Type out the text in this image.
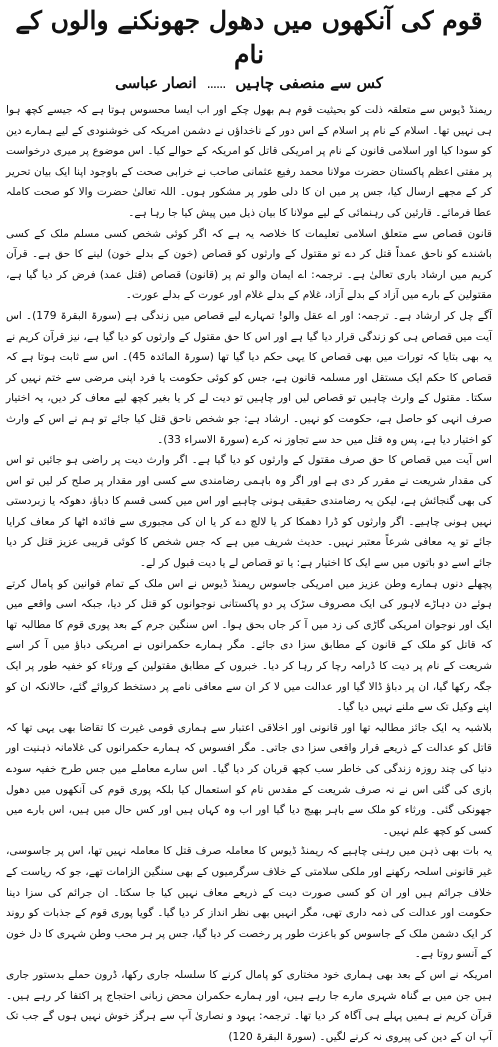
قوم کی آنکھوں میں دھول جھونکنے والوں کے نام
کس سے منصفی چاہیں
......
انصار عباسی

ریمنڈ ڈیوس سے متعلقہ ذلت کو بحیثیت قوم ہم بھول چکے اور اب ایسا محسوس ہوتا ہے کہ جیسے کچھ ہوا ہی نہیں تھا۔ اسلام کے نام پر اسلام کے اس دور کے ناخداؤں نے دشمن امریکہ کی خوشنودی کے لیے ہمارے دین کو سودا کیا اور اسلامی قانون کے نام پر امریکی قاتل کو امریکہ کے حوالے کیا۔ اس موضوع پر میری درخواست پر مفتی اعظم پاکستان حضرت مولانا محمد رفیع عثمانی صاحب نے خرابی صحت کے باوجود اپنا ایک بیان تحریر کر کے مجھے ارسال کیا، جس پر میں ان کا دلی طور پر مشکور ہوں۔ اللہ تعالیٰ حضرت والا کو صحت کاملہ عطا فرمائے۔ قارئین کی رہنمائی کے لیے مولانا کا بیان ذیل میں پیش کیا جا رہا ہے۔

قانون قصاص سے متعلق اسلامی تعلیمات کا خلاصہ یہ ہے کہ اگر کوئی شخص کسی مسلم ملک کے کسی باشندے کو ناحق عمداً قتل کر دے تو مقتول کے وارثوں کو قصاص (خون کے بدلے خون) لینے کا حق ہے۔ قرآن کریم میں ارشاد باری تعالیٰ ہے۔ ترجمہ: اے ایمان والو تم پر (قانون) قصاص (قتل عمد) فرض کر دیا گیا ہے، مقتولین کے بارے میں آزاد کے بدلے آزاد، غلام کے بدلے غلام اور عورت کے بدلے عورت۔

آگے چل کر ارشاد ہے۔ ترجمہ: اور اے عقل والو! تمہارے لیے قصاص میں زندگی ہے (سورۃ البقرۃ 179)۔ اس آیت میں قصاص ہی کو زندگی قرار دیا گیا ہے اور اس کا حق مقتول کے وارثوں کو دیا گیا ہے، نیز قرآن کریم نے یہ بھی بتایا کہ تورات میں بھی قصاص کا یہی حکم دیا گیا تھا (سورۃ المائدہ 45)۔ اس سے ثابت ہوتا ہے کہ قصاص کا حکم ایک مستقل اور مسلمہ قانون ہے، جس کو کوئی حکومت یا فرد اپنی مرضی سے ختم نہیں کر سکتا۔ مقتول کے وارث چاہیں تو قصاص لیں اور چاہیں تو دیت لے کر یا بغیر کچھ لیے معاف کر دیں، یہ اختیار صرف انہی کو حاصل ہے، حکومت کو نہیں۔ ارشاد ہے: جو شخص ناحق قتل کیا جائے تو ہم نے اس کے وارث کو اختیار دیا ہے، پس وہ قتل میں حد سے تجاوز نہ کرے (سورۃ الاسراء 33)۔

اس آیت میں قصاص کا حق صرف مقتول کے وارثوں کو دیا گیا ہے۔ اگر وارث دیت پر راضی ہو جائیں تو اس کی مقدار شریعت نے مقرر کر دی ہے اور اگر وہ باہمی رضامندی سے کسی اور مقدار پر صلح کر لیں تو اس کی بھی گنجائش ہے، لیکن یہ رضامندی حقیقی ہونی چاہیے اور اس میں کسی قسم کا دباؤ، دھوکہ یا زبردستی نہیں ہونی چاہیے۔ اگر وارثوں کو ڈرا دھمکا کر یا لالچ دے کر یا ان کی مجبوری سے فائدہ اٹھا کر معاف کرایا جائے تو یہ معافی شرعاً معتبر نہیں۔ حدیث شریف میں ہے کہ جس شخص کا کوئی قریبی عزیز قتل کر دیا جائے اسے دو باتوں میں سے ایک کا اختیار ہے: یا تو قصاص لے یا دیت قبول کر لے۔

پچھلے دنوں ہمارے وطن عزیز میں امریکی جاسوس ریمنڈ ڈیوس نے اس ملک کے تمام قوانین کو پامال کرتے ہوئے دن دہاڑے لاہور کی ایک مصروف سڑک پر دو پاکستانی نوجوانوں کو قتل کر دیا، جبکہ اسی واقعے میں ایک اور نوجوان امریکی گاڑی کی زد میں آ کر جاں بحق ہوا۔ اس سنگین جرم کے بعد پوری قوم کا مطالبہ تھا کہ قاتل کو ملک کے قانون کے مطابق سزا دی جائے۔ مگر ہمارے حکمرانوں نے امریکی دباؤ میں آ کر اسے شریعت کے نام پر دیت کا ڈرامہ رچا کر رہا کر دیا۔ خبروں کے مطابق مقتولین کے ورثاء کو خفیہ طور پر ایک جگہ رکھا گیا، ان پر دباؤ ڈالا گیا اور عدالت میں لا کر ان سے معافی نامے پر دستخط کروائے گئے، حالانکہ ان کو اپنے وکیل تک سے ملنے نہیں دیا گیا۔

بلاشبہ یہ ایک جائز مطالبہ تھا اور قانونی اور اخلاقی اعتبار سے ہماری قومی غیرت کا تقاضا بھی یہی تھا کہ قاتل کو عدالت کے ذریعے قرار واقعی سزا دی جاتی۔ مگر افسوس کہ ہمارے حکمرانوں کی غلامانہ ذہنیت اور دنیا کی چند روزہ زندگی کی خاطر سب کچھ قربان کر دیا گیا۔ اس سارے معاملے میں جس طرح خفیہ سودے بازی کی گئی اس نے نہ صرف شریعت کے مقدس نام کو استعمال کیا بلکہ پوری قوم کی آنکھوں میں دھول جھونکی گئی۔ ورثاء کو ملک سے باہر بھیج دیا گیا اور اب وہ کہاں ہیں اور کس حال میں ہیں، اس بارے میں کسی کو کچھ علم نہیں۔

یہ بات بھی ذہن میں رہنی چاہیے کہ ریمنڈ ڈیوس کا معاملہ صرف قتل کا معاملہ نہیں تھا، اس پر جاسوسی، غیر قانونی اسلحہ رکھنے اور ملکی سلامتی کے خلاف سرگرمیوں کے بھی سنگین الزامات تھے، جو کہ ریاست کے خلاف جرائم ہیں اور ان کو کسی صورت دیت کے ذریعے معاف نہیں کیا جا سکتا۔ ان جرائم کی سزا دینا حکومت اور عدالت کی ذمہ داری تھی، مگر انہیں بھی نظر انداز کر دیا گیا۔ گویا پوری قوم کے جذبات کو روند کر ایک دشمن ملک کے جاسوس کو باعزت طور پر رخصت کر دیا گیا، جس پر ہر محب وطن شہری کا دل خون کے آنسو روتا ہے۔

امریکہ نے اس کے بعد بھی ہماری خود مختاری کو پامال کرنے کا سلسلہ جاری رکھا، ڈرون حملے بدستور جاری ہیں جن میں بے گناہ شہری مارے جا رہے ہیں، اور ہمارے حکمران محض زبانی احتجاج پر اکتفا کر رہے ہیں۔ قرآن کریم نے ہمیں پہلے ہی آگاہ کر دیا تھا۔ ترجمہ: یہود و نصاریٰ آپ سے ہرگز خوش نہیں ہوں گے جب تک آپ ان کے دین کی پیروی نہ کرنے لگیں۔ (سورۃ البقرۃ 120)
